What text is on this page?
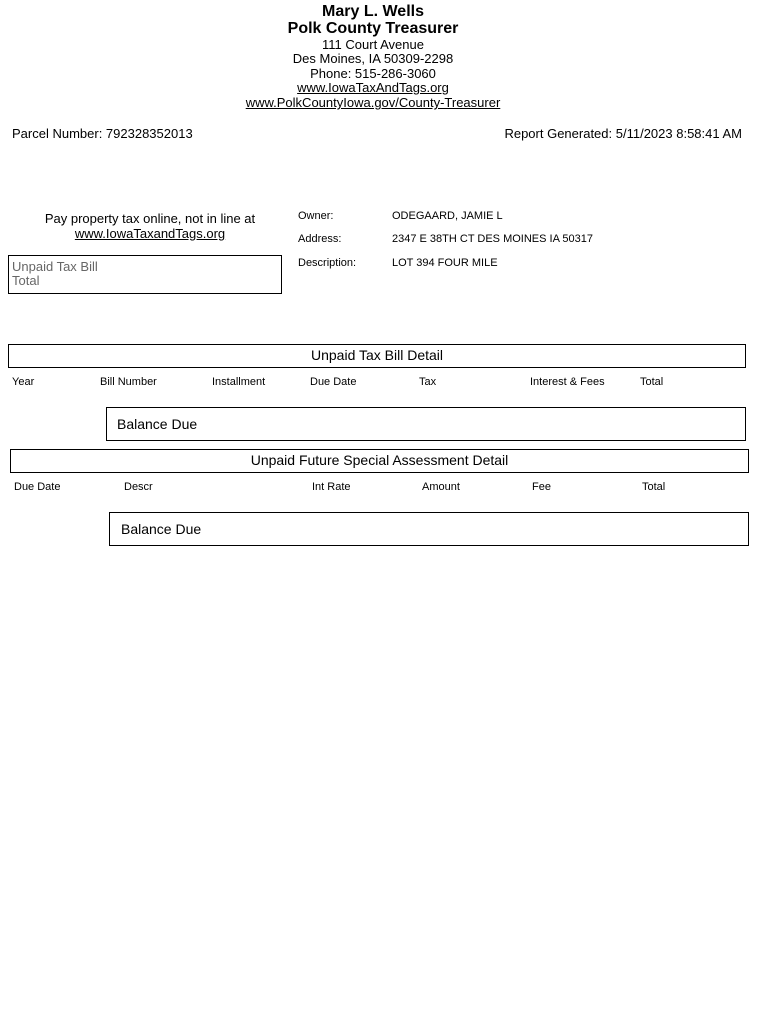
Mary L. Wells
Polk County Treasurer
111 Court Avenue
Des Moines, IA 50309-2298
Phone: 515-286-3060
www.IowaTaxAndTags.org
www.PolkCountyIowa.gov/County-Treasurer
Parcel Number: 792328352013	Report Generated: 5/11/2023 8:58:41 AM
Pay property tax online, not in line at
www.IowaTaxandTags.org
Unpaid Tax Bill
Total
Owner:	ODEGAARD, JAMIE L
Address:	2347 E 38TH CT DES MOINES IA 50317
Description:	LOT 394 FOUR MILE
Unpaid Tax Bill Detail
Year	Bill Number	Installment	Due Date	Tax	Interest & Fees	Total
Balance Due
Unpaid Future Special Assessment Detail
Due Date	Descr	Int Rate	Amount	Fee	Total
Balance Due
